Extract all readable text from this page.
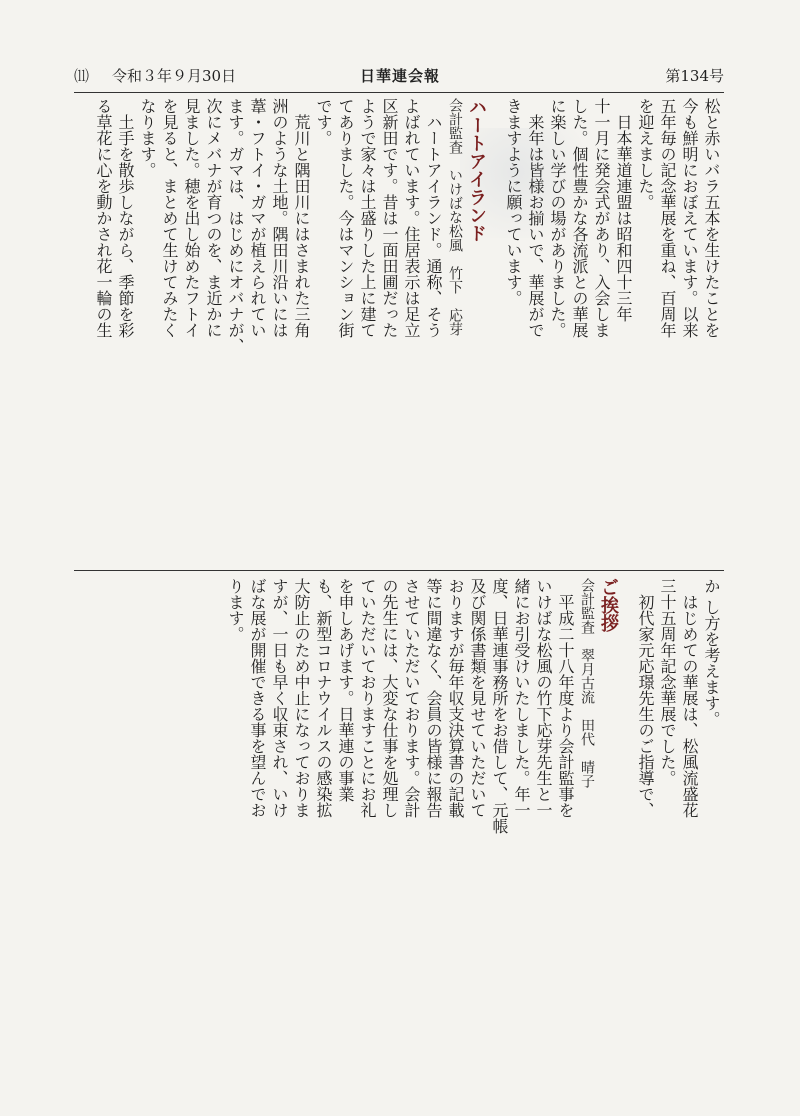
⑾ 令和３年９月30日	日華連会報	第134号
松と赤いバラ五本を生けたことを
今も鮮明におぼえています。以来
五年毎の記念華展を重ね、百周年
を迎えました。
　日本華道連盟は昭和四十三年
十一月に発会式があり、入会しま
した。個性豊かな各流派との華展
に楽しい学びの場がありました。
　来年は皆様お揃いで、華展がで
きますように願っています。
ハートアイランド
会計監査　いけばな松風　竹下　応芽
　ハートアイランド。通称、そう
よばれています。住居表示は足立
区新田です。昔は一面田圃だった
ようで家々は土盛りした上に建て
てありました。今はマンション街
です。
　荒川と隅田川にはさまれた三角
洲のような土地。隅田川沿いには
葦・フトイ・ガマが植えられてい
ます。ガマは、はじめにオバナが、
次にメバナが育つのを、ま近かに
見ました。穂を出し始めたフトイ
を見ると、まとめて生けてみたく
なります。
　土手を散歩しながら、季節を彩
る草花に心を動かされ花一輪の生
か し方を考えます。
　はじめての華展は、松風流盛花
三十五周年記念華展でした。
　初代家元応璟先生のご指導で、
ご挨拶
会計監査　翠月古流　田代　晴子
　平成二十八年度より会計監事を
いけばな松風の竹下応芽先生と一
緒にお引受けいたしました。年一
度、日華連事務所をお借して、元帳
及び関係書類を見せていただいて
おりますが毎年収支決算書の記載
等に間違なく、会員の皆様に報告
させていただいております。会計
の先生には、大変な仕事を処理し
ていただいておりますことにお礼
を申しあげます。日華連の事業
も、新型コロナウイルスの感染拡
大防止のため中止になっておりま
すが、一日も早く収束され、いけ
ばな展が開催できる事を望んでお
ります。
